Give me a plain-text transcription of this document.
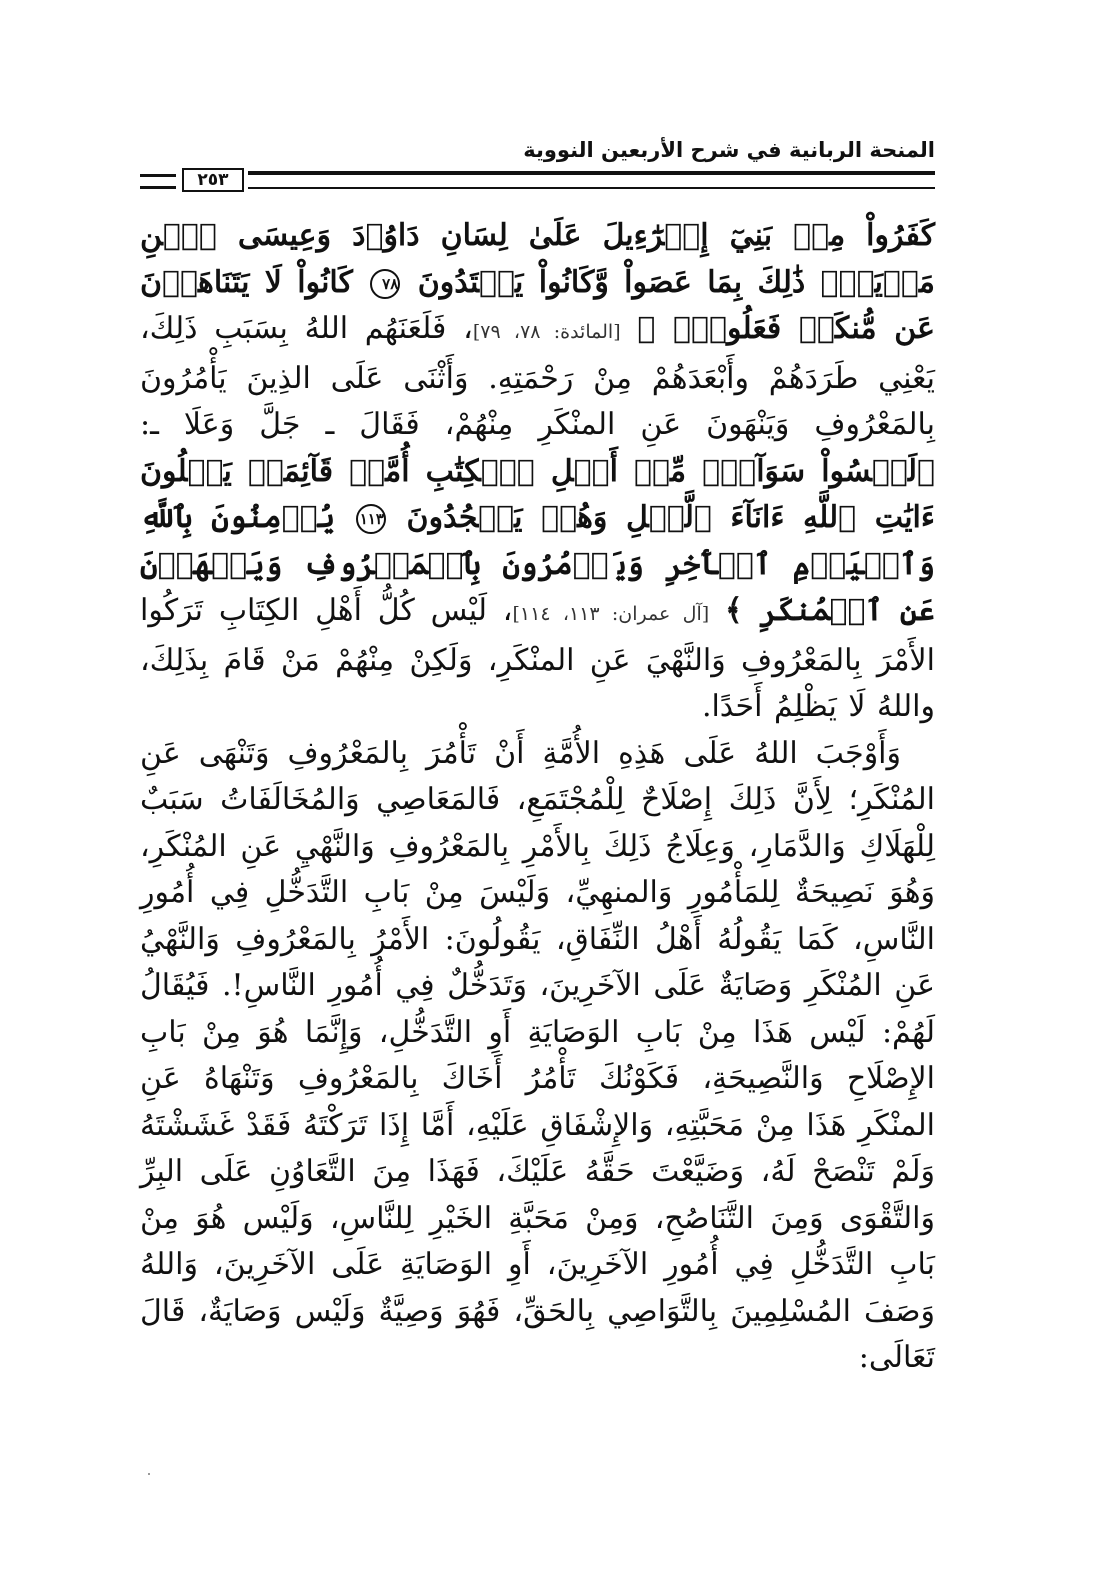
المنحة الربانية في شرح الأربعين النووية
٢٥٣

كَفَرُواْ مِنۢ بَنِيٓ إِسۡرَٰٓءِيلَ عَلَىٰ لِسَانِ دَاوُۥدَ وَعِيسَى ٱبۡنِ مَرۡيَمَۚ ذَٰلِكَ بِمَا عَصَواْ وَّكَانُواْ يَعۡتَدُونَ ٧٨ كَانُواْ لَا يَتَنَاهَوۡنَ عَن مُّنكَرٖ فَعَلُوهُۚ ﴾ [المائدة: ٧٨، ٧٩]، فَلَعَنَهُم اللهُ بِسَبَبِ ذَلِكَ، يَعْنِي طَرَدَهُمْ وأَبْعَدَهُمْ مِنْ رَحْمَتِهِ. وَأَثْنَى عَلَى الذِينَ يَأْمُرُونَ بِالمَعْرُوفِ وَيَنْهَونَ عَنِ المنْكَرِ مِنْهُمْ، فَقَالَ ـ جَلَّ وَعَلَا ـ: ﴿لَيۡسُواْ سَوَآءٗۗ مِّنۡ أَهۡلِ ٱلۡكِتَٰبِ أُمَّةٞ قَآئِمَةٞ يَتۡلُونَ ءَايَٰتِ ٱللَّهِ ءَانَآءَ ٱلَّيۡلِ وَهُمۡ يَسۡجُدُونَ ١١٣ يُؤۡمِنُونَ بِٱللَّهِ وَٱلۡيَوۡمِ ٱلۡأٓخِرِ وَيَأۡمُرُونَ بِٱلۡمَعۡرُوفِ وَيَنۡهَوۡنَ عَنِ ٱلۡمُنكَرِ ﴾ [آل عمران: ١١٣، ١١٤]، لَيْس كُلُّ أَهْلِ الكِتَابِ تَرَكُوا الأَمْرَ بِالمَعْرُوفِ وَالنَّهْيَ عَنِ المنْكَرِ، وَلَكِنْ مِنْهُمْ مَنْ قَامَ بِذَلِكَ، واللهُ لَا يَظْلِمُ أَحَدًا.

وَأَوْجَبَ اللهُ عَلَى هَذِهِ الأُمَّةِ أَنْ تَأْمُرَ بِالمَعْرُوفِ وَتَنْهَى عَنِ المُنْكَرِ؛ لِأَنَّ ذَلِكَ إِصْلَاحٌ لِلْمُجْتَمَعِ، فَالمَعَاصِي وَالمُخَالَفَاتُ سَبَبٌ لِلْهَلَاكِ وَالدَّمَارِ، وَعِلَاجُ ذَلِكَ بِالأَمْرِ بِالمَعْرُوفِ وَالنَّهْيِ عَنِ المُنْكَرِ، وَهُوَ نَصِيحَةٌ لِلمَأْمُورِ وَالمنهِيِّ، وَلَيْسَ مِنْ بَابِ التَّدَخُّلِ فِي أُمُورِ النَّاسِ، كَمَا يَقُولُهُ أَهْلُ النِّفَاقِ، يَقُولُونَ: الأَمْرُ بِالمَعْرُوفِ وَالنَّهْيُ عَنِ المُنْكَرِ وَصَايَةٌ عَلَى الآخَرِينَ، وَتَدَخُّلٌ فِي أُمُورِ النَّاسِ!. فَيُقَالُ لَهُمْ: لَيْس هَذَا مِنْ بَابِ الوَصَايَةِ أَوِ التَّدَخُّلِ، وَإِنَّمَا هُوَ مِنْ بَابِ الإِصْلَاحِ وَالنَّصِيحَةِ، فَكَوْنُكَ تَأْمُرُ أَخَاكَ بِالمَعْرُوفِ وَتَنْهَاهُ عَنِ المنْكَرِ هَذَا مِنْ مَحَبَّتِهِ، وَالإِشْفَاقِ عَلَيْهِ، أَمَّا إِذَا تَرَكْتَهُ فَقَدْ غَشَشْتَهُ وَلَمْ تَنْصَحْ لَهُ، وَضَيَّعْتَ حَقَّهُ عَلَيْكَ، فَهَذَا مِنَ التَّعَاوُنِ عَلَى البِرِّ وَالتَّقْوَى وَمِنَ التَّنَاصُحِ، وَمِنْ مَحَبَّةِ الخَيْرِ لِلنَّاسِ، وَلَيْس هُوَ مِنْ بَابِ التَّدَخُّلِ فِي أُمُورِ الآخَرِينَ، أَوِ الوَصَايَةِ عَلَى الآخَرِينَ، وَاللهُ وَصَفَ المُسْلِمِينَ بِالتَّوَاصِي بِالحَقِّ، فَهُوَ وَصِيَّةٌ وَلَيْس وَصَايَةٌ، قَالَ تَعَالَى:
